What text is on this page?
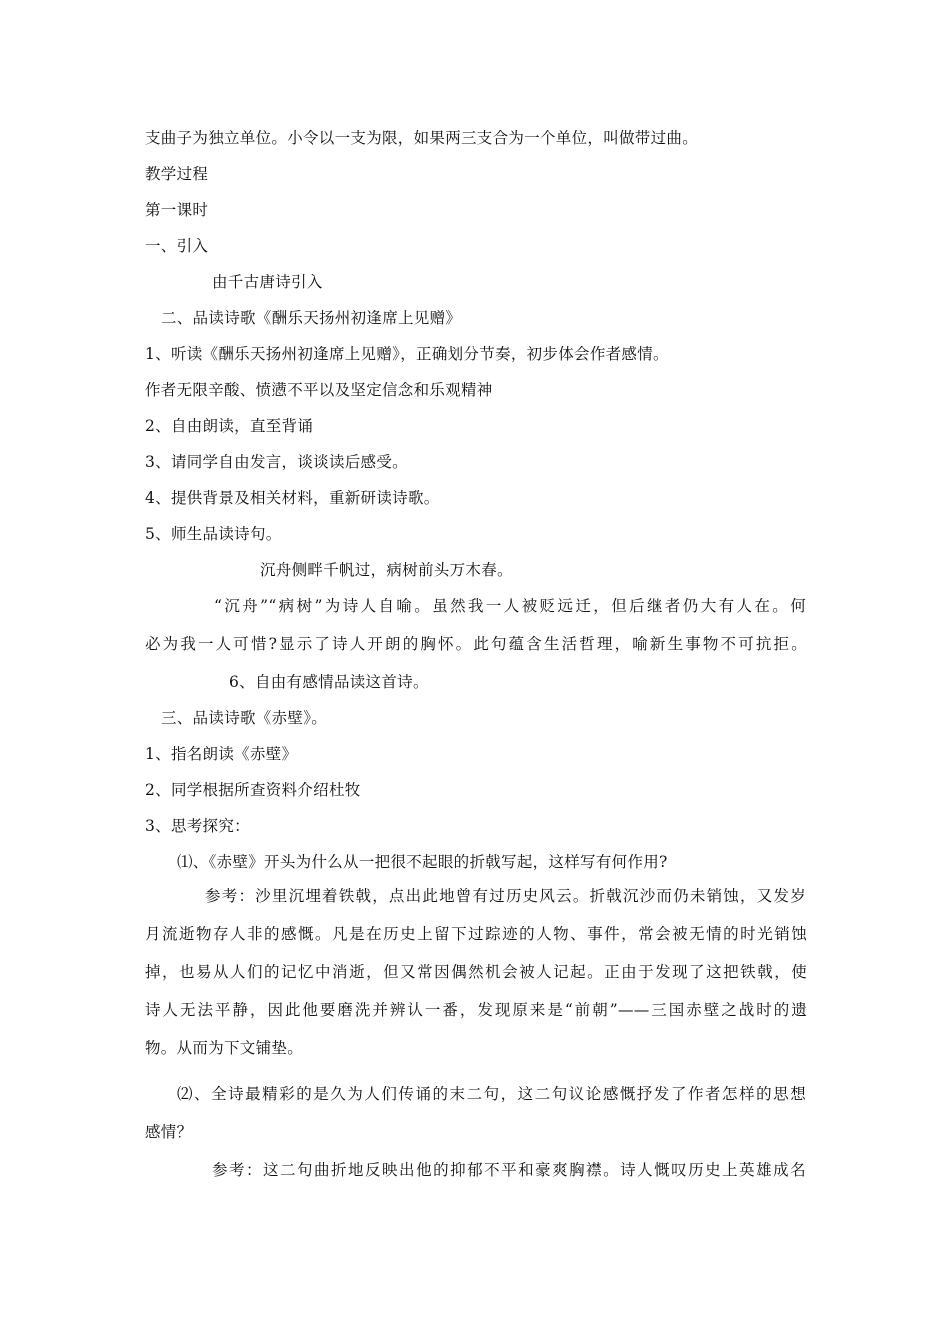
支曲子为独立单位。小令以一支为限，如果两三支合为一个单位，叫做带过曲。
教学过程
第一课时
一、引入
由千古唐诗引入
二、品读诗歌《酬乐天扬州初逢席上见赠》
1、听读《酬乐天扬州初逢席上见赠》，正确划分节奏，初步体会作者感情。
作者无限辛酸、愤懑不平以及坚定信念和乐观精神
2、自由朗读，直至背诵
3、请同学自由发言，谈谈读后感受。
4、提供背景及相关材料，重新研读诗歌。
5、师生品读诗句。
沉舟侧畔千帆过，病树前头万木春。
“沉舟”“病树”为诗人自喻。虽然我一人被贬远迁，但后继者仍大有人在。何
必为我一人可惜?显示了诗人开朗的胸怀。此句蕴含生活哲理，喻新生事物不可抗拒。
6、自由有感情品读这首诗。
三、品读诗歌《赤壁》。
1、指名朗读《赤壁》
2、同学根据所查资料介绍杜牧
3、思考探究：
⑴、《赤壁》开头为什么从一把很不起眼的折戟写起，这样写有何作用?
参考：沙里沉埋着铁戟，点出此地曾有过历史风云。折戟沉沙而仍未销蚀，又发岁
月流逝物存人非的感慨。凡是在历史上留下过踪迹的人物、事件，常会被无情的时光销蚀
掉，也易从人们的记忆中消逝，但又常因偶然机会被人记起。正由于发现了这把铁戟，使
诗人无法平静，因此他要磨洗并辨认一番，发现原来是“前朝”——三国赤壁之战时的遗
物。从而为下文铺垫。
⑵、全诗最精彩的是久为人们传诵的末二句，这二句议论感慨抒发了作者怎样的思想
感情？
参考：这二句曲折地反映出他的抑郁不平和豪爽胸襟。诗人慨叹历史上英雄成名
